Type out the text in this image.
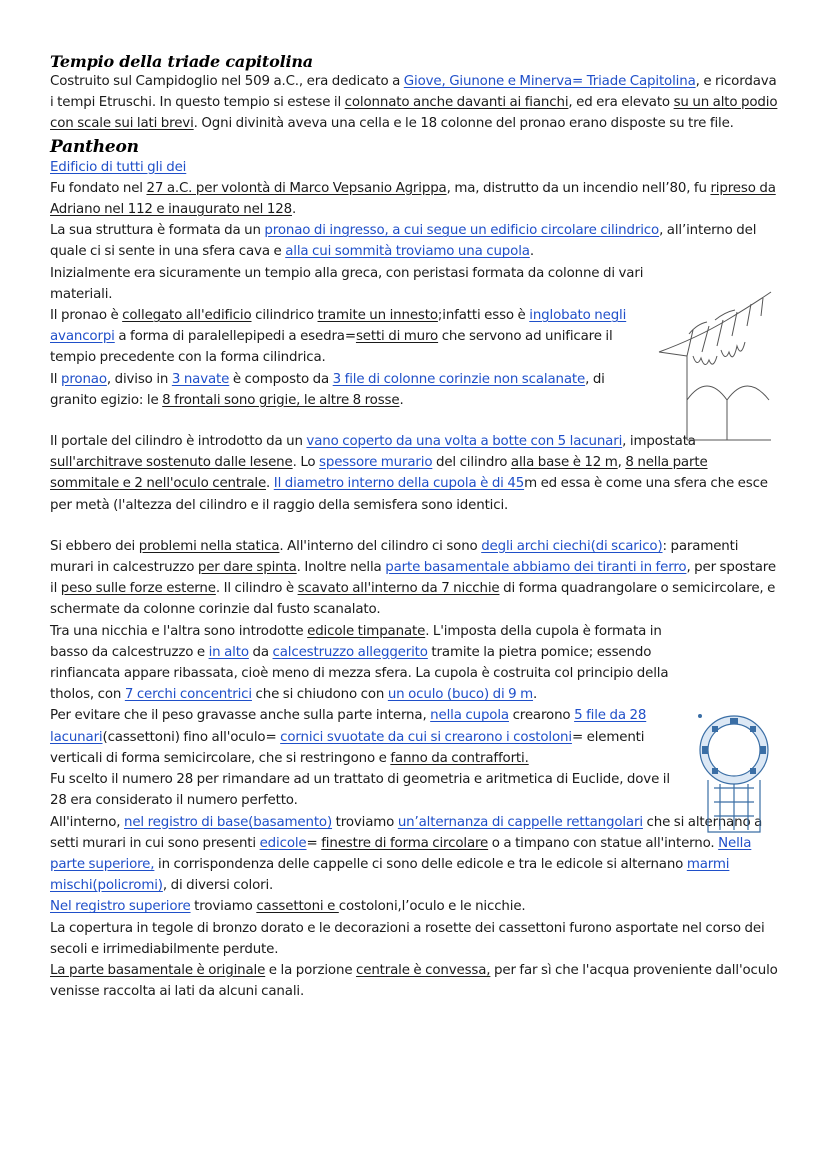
Tempio della triade capitolina

Costruito sul Campidoglio nel 509 a.C., era dedicato a Giove, Giunone e Minerva= Triade Capitolina, e ricordava i tempi Etruschi. In questo tempio si estese il colonnato anche davanti ai fianchi, ed era elevato su un alto podio con scale sui lati brevi. Ogni divinità aveva una cella e le 18 colonne del pronao erano disposte su tre file.

Pantheon

Edificio di tutti gli dei

Fu fondato nel 27 a.C. per volontà di Marco Vepsanio Agrippa, ma, distrutto da un incendio nell’80, fu ripreso da Adriano nel 112 e inaugurato nel 128.

La sua struttura è formata da un pronao di ingresso, a cui segue un edificio circolare cilindrico, all’interno del quale ci si sente in una sfera cava e alla cui sommità troviamo una cupola.

Inizialmente era sicuramente un tempio alla greca, con peristasi formata da colonne di vari materiali.

Il pronao è collegato all'edificio cilindrico tramite un innesto;infatti esso è inglobato negli avancorpi a forma di paralellepipedi a esedra=setti di muro che servono ad unificare il tempio precedente con la forma cilindrica.

Il pronao, diviso in 3 navate è composto da 3 file di colonne corinzie non scalanate, di granito egizio: le 8 frontali sono grigie, le altre 8 rosse.

Il portale del cilindro è introdotto da un vano coperto da una volta a botte con 5 lacunari, impostata sull'architrave sostenuto dalle lesene. Lo spessore murario del cilindro alla base è 12 m, 8 nella parte sommitale e 2 nell'oculo centrale. Il diametro interno della cupola è di 45m ed essa è come una sfera che esce per metà (l'altezza del cilindro e il raggio della semisfera sono identici.

Si ebbero dei problemi nella statica. All'interno del cilindro ci sono degli archi ciechi(di scarico): paramenti murari in calcestruzzo per dare spinta. Inoltre nella parte basamentale abbiamo dei tiranti in ferro, per spostare il peso sulle forze esterne. Il cilindro è scavato all'interno da 7 nicchie di forma quadrangolare o semicircolare, e schermate da colonne corinzie dal fusto scanalato.

Tra una nicchia e l'altra sono introdotte edicole timpanate. L'imposta della cupola è formata in basso da calcestruzzo e in alto da calcestruzzo alleggerito tramite la pietra pomice; essendo rinfiancata appare ribassata, cioè meno di mezza sfera. La cupola è costruita col principio della tholos, con 7 cerchi concentrici che si chiudono con un oculo (buco) di 9 m.

Per evitare che il peso gravasse anche sulla parte interna, nella cupola crearono 5 file da 28 lacunari(cassettoni) fino all'oculo= cornici svuotate da cui si crearono i costoloni= elementi verticali di forma semicircolare, che si restringono e fanno da contrafforti.

Fu scelto il numero 28 per rimandare ad un trattato di geometria e aritmetica di Euclide, dove il 28 era considerato il numero perfetto.

All'interno, nel registro di base(basamento) troviamo un’alternanza di cappelle rettangolari che si alternano a setti murari in cui sono presenti edicole= finestre di forma circolare o a timpano con statue all'interno. Nella parte superiore, in corrispondenza delle cappelle ci sono delle edicole e tra le edicole si alternano marmi mischi(policromi), di diversi colori.

Nel registro superiore troviamo cassettoni e costoloni,l’oculo e le nicchie.

La copertura in tegole di bronzo dorato e le decorazioni a rosette dei cassettoni furono asportate nel corso dei secoli e irrimediabilmente perdute.

La parte basamentale è originale e la porzione centrale è convessa, per far sì che l'acqua proveniente dall'oculo venisse raccolta ai lati da alcuni canali.
